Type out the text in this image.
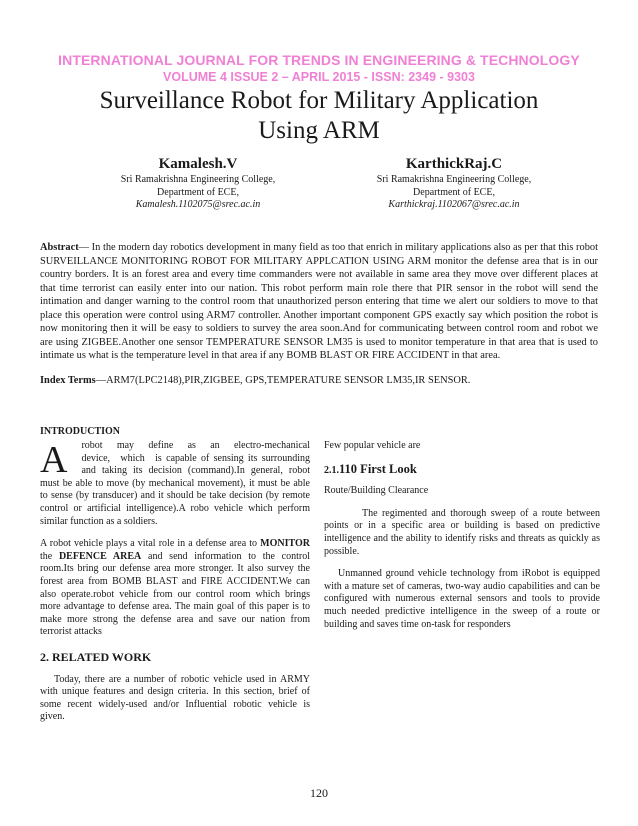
INTERNATIONAL JOURNAL FOR TRENDS IN ENGINEERING & TECHNOLOGY
VOLUME 4 ISSUE 2 – APRIL 2015 - ISSN: 2349 - 9303
Surveillance Robot for Military Application
Using ARM
Kamalesh.V
Sri Ramakrishna Engineering College,
Department of ECE,
Kamalesh.1102075@srec.ac.in
KarthickRaj.C
Sri Ramakrishna Engineering College,
Department of ECE,
Karthickraj.1102067@srec.ac.in

Abstract— In the modern day robotics development in many field as too that enrich in military applications also as per that this robot SURVEILLANCE MONITORING ROBOT FOR MILITARY APPLCATION USING ARM monitor the defense area that is in our country borders. It is an forest area and every time commanders were not available in same area they move over different places at that time terrorist can easily enter into our nation. This robot perform main role there that PIR sensor in the robot will send the intimation and danger warning to the control room that unauthorized person entering that time we alert our soldiers to move to that place this operation were control using ARM7 controller. Another important component GPS exactly say which position the robot is now monitoring then it will be easy to soldiers to survey the area soon.And for communicating between control room and robot we are using ZIGBEE.Another one sensor TEMPERATURE SENSOR LM35 is used to monitor temperature in that area that is used to intimate us what is the temperature level in that area if any BOMB BLAST OR FIRE ACCIDENT in that area.

Index Terms—ARM7(LPC2148),PIR,ZIGBEE, GPS,TEMPERATURE SENSOR LM35,IR SENSOR.

INTRODUCTION

A robot may define as an electro-mechanical device, which is capable of sensing its surrounding and taking its decision (command).In general, robot must be able to move (by mechanical movement), it must be able to sense (by transducer) and it should be take decision (by remote control or artificial intelligence).A robo vehicle which perform similar function as a soldiers.

A robot vehicle plays a vital role in a defense area to MONITOR the DEFENCE AREA and send information to the control room.Its bring our defense area more stronger. It also survey the forest area from BOMB BLAST and FIRE ACCIDENT.We can also operate.robot vehicle from our control room which brings more advantage to defense area. The main goal of this paper is to make more strong the defense area and save our nation from terrorist attacks

2. RELATED WORK

Today, there are a number of robotic vehicle used in ARMY with unique features and design criteria. In this section, brief of some recent widely-used and/or Influential robotic vehicle is given.

Few popular vehicle are

2.1.110 First Look

Route/Building Clearance

The regimented and thorough sweep of a route between points or in a specific area or building is based on predictive intelligence and the ability to identify risks and threats as quickly as possible.

Unmanned ground vehicle technology from iRobot is equipped with a mature set of cameras, two-way audio capabilities and can be configured with numerous external sensors and tools to provide much needed predictive intelligence in the sweep of a route or building and saves time on-task for responders

120
